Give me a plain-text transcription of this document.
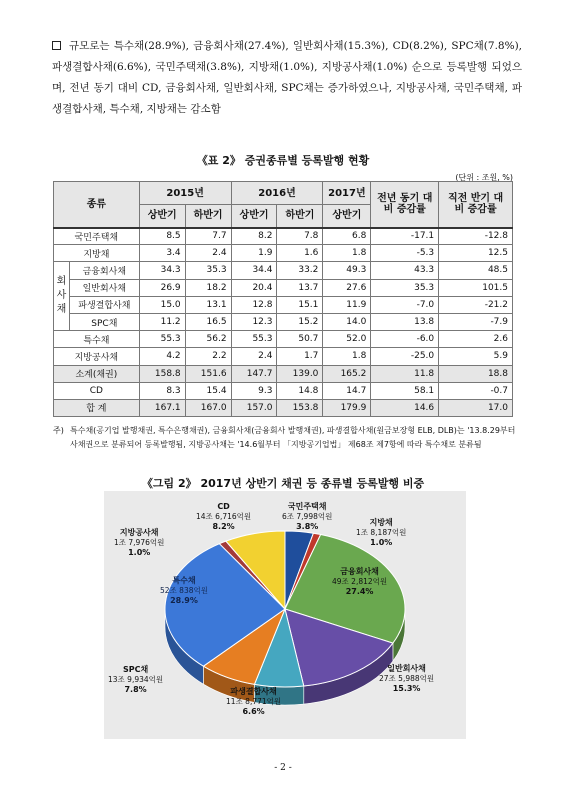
규모로는 특수채(28.9%), 금융회사채(27.4%), 일반회사채(15.3%), CD(8.2%), SPC채(7.8%), 파생결합사채(6.6%), 국민주택채(3.8%), 지방채(1.0%), 지방공사채(1.0%) 순으로 등록발행 되었으며, 전년 동기 대비 CD, 금융회사채, 일반회사채, SPC채는 증가하였으나, 지방공사채, 국민주택채, 파생결합사채, 특수채, 지방채는 감소함
《표 2》 증권종류별 등록발행 현황
(단위 : 조원, %)
종류		2015년		2016년		2017년	전년 동기 대비 증감률	직전 반기 대비 증감률
		상반기	하반기	상반기	하반기	상반기		
국민주택채		8.5	7.7	8.2	7.8	6.8	-17.1	-12.8
지방채		3.4	2.4	1.9	1.6	1.8	-5.3	12.5
회사채	금융회사채	34.3	35.3	34.4	33.2	49.3	43.3	48.5
	일반회사채	26.9	18.2	20.4	13.7	27.6	35.3	101.5
	파생결합사채	15.0	13.1	12.8	15.1	11.9	-7.0	-21.2
	SPC채	11.2	16.5	12.3	15.2	14.0	13.8	-7.9
특수채		55.3	56.2	55.3	50.7	52.0	-6.0	2.6
지방공사채		4.2	2.2	2.4	1.7	1.8	-25.0	5.9
소계(채권)		158.8	151.6	147.7	139.0	165.2	11.8	18.8
CD		8.3	15.4	9.3	14.8	14.7	58.1	-0.7
합 계		167.1	167.0	157.0	153.8	179.9	14.6	17.0
주) 특수채(공기업 발행채권, 특수은행채권), 금융회사채(금융회사 발행채권), 파생결합사채(원금보장형 ELB, DLB)는 '13.8.29부터 사채권으로 분류되어 등록발행됨, 지방공사채는 '14.6월부터 「지방공기업법」 제68조 제7항에 따라 특수채로 분류됨
《그림 2》 2017년 상반기 채권 등 종류별 등록발행 비중
국민주택채
6조 7,998억원
3.8%	지방채
1조 8,187억원
1.0%
금융회사채
49조 2,812억원
27.4%
일반회사채
27조 5,988억원
15.3%
파생결합사채
11조 8,771억원
6.6%
SPC채
13조 9,934억원
7.8%
특수채
52조 838억원
28.9%
지방공사채
1조 7,976억원
1.0%
CD
14조 6,716억원
8.2%
- 2 -
